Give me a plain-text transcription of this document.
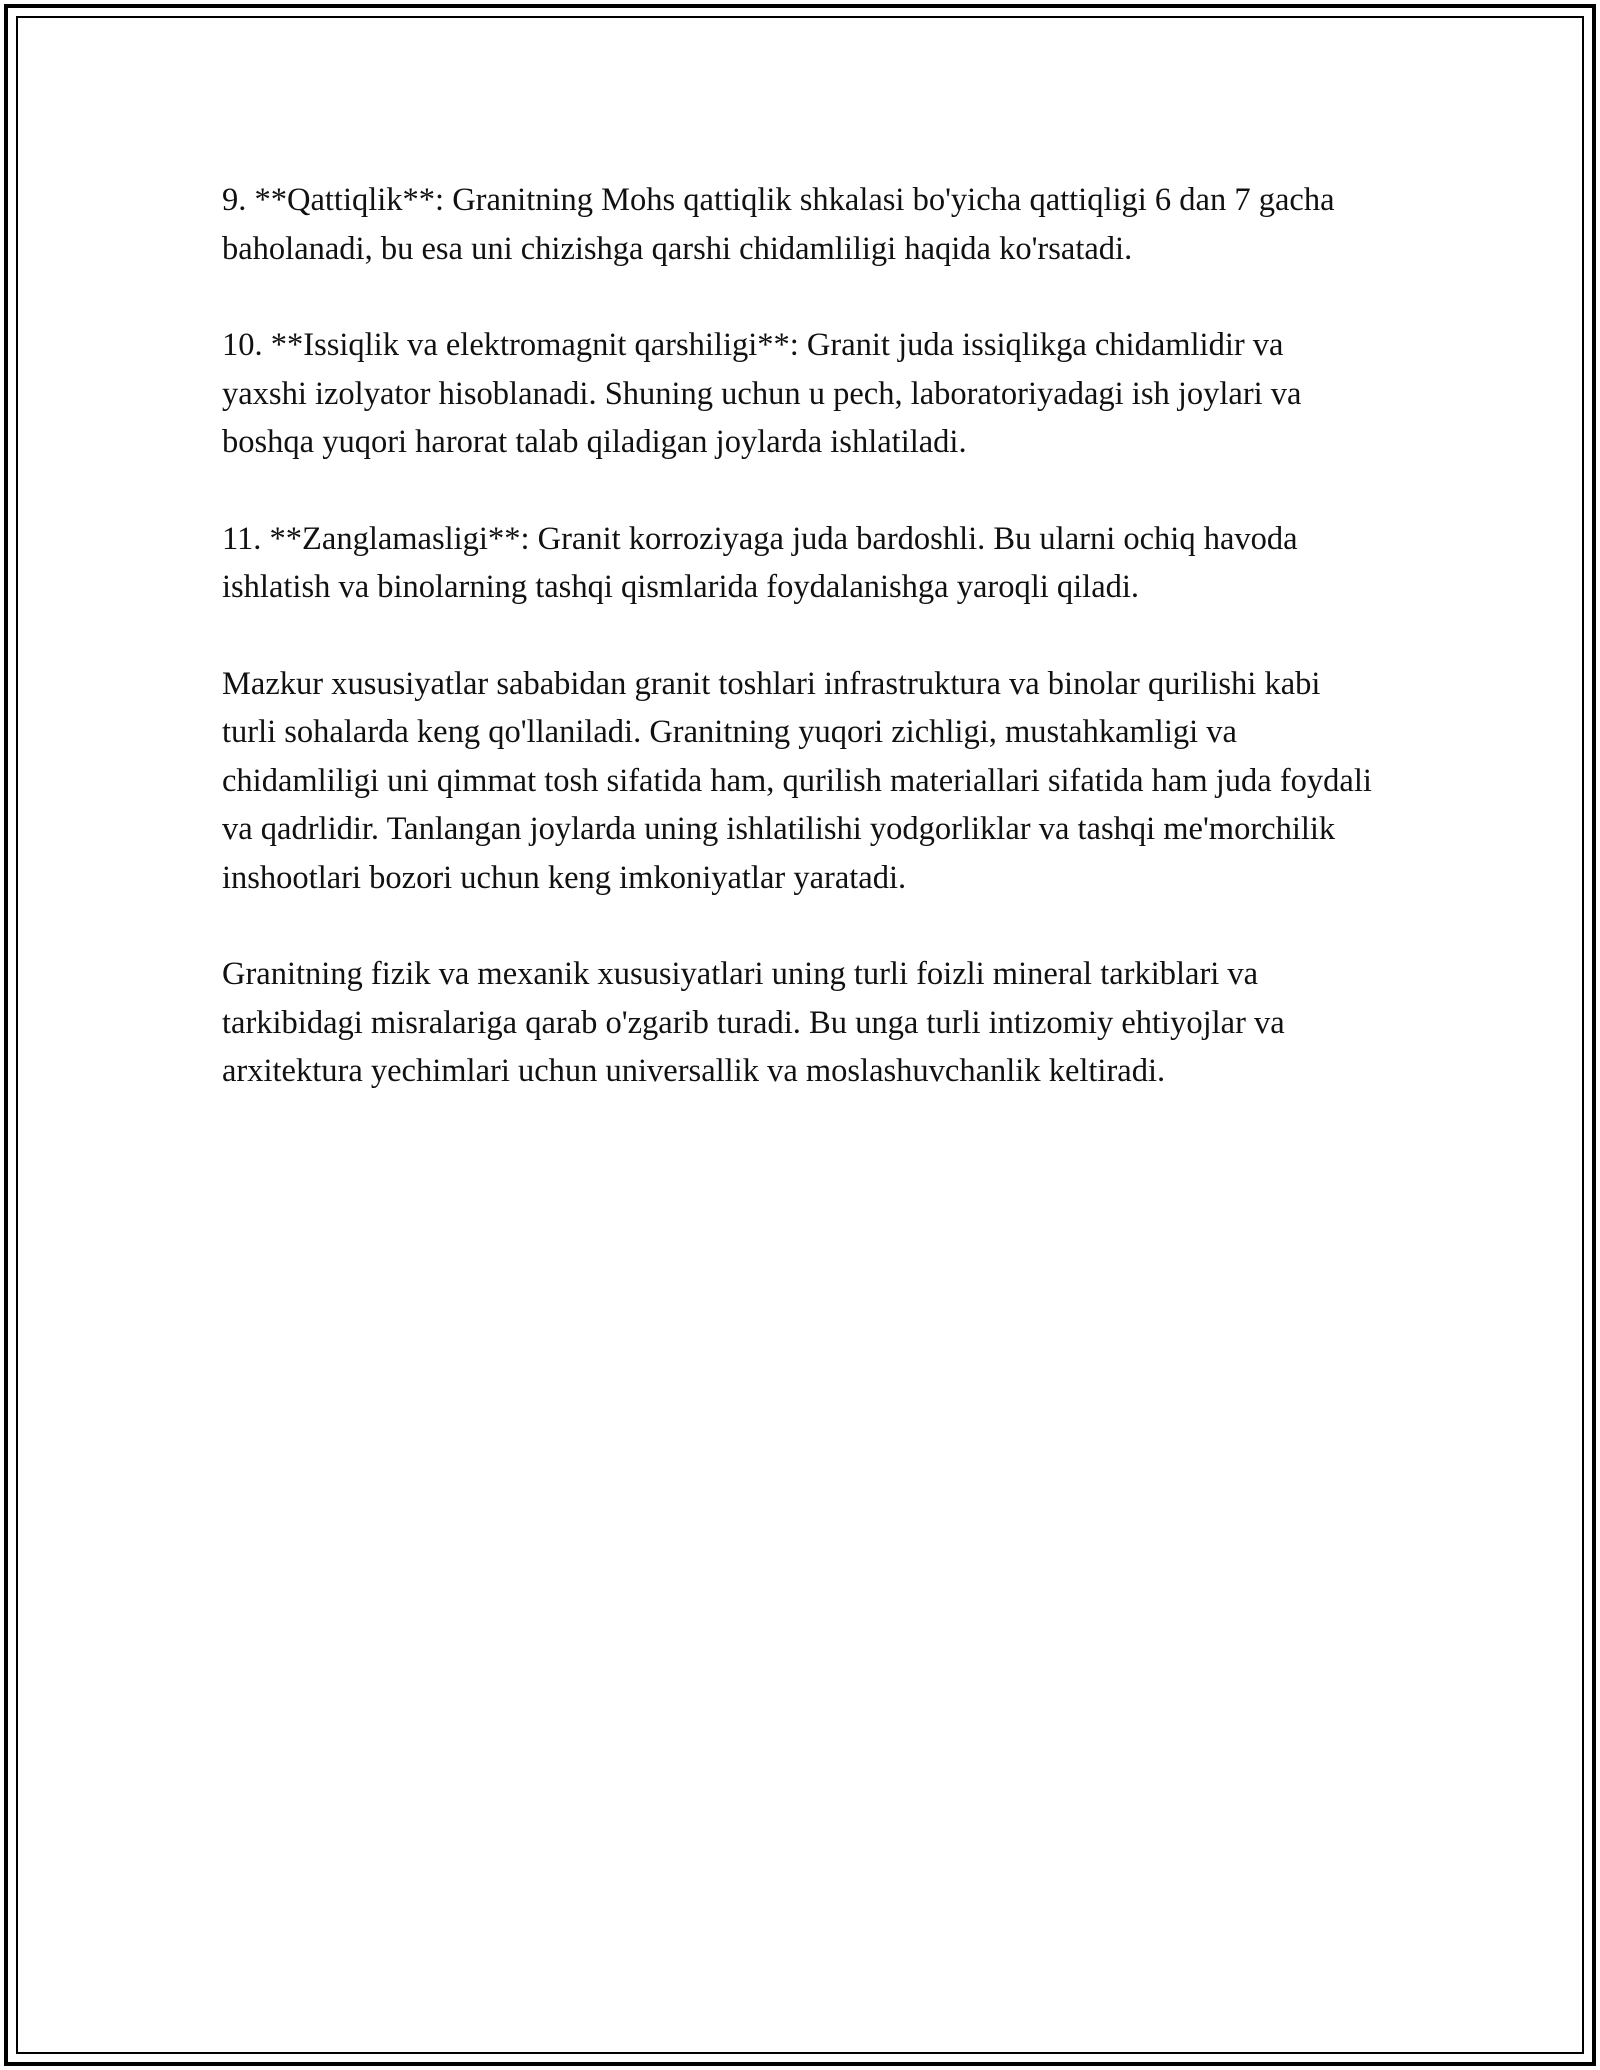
9. **Qattiqlik**: Granitning Mohs qattiqlik shkalasi bo'yicha qattiqligi 6 dan 7 gacha baholanadi, bu esa uni chizishga qarshi chidamliligi haqida ko'rsatadi.

10. **Issiqlik va elektromagnit qarshiligi**: Granit juda issiqlikga chidamlidir va yaxshi izolyator hisoblanadi. Shuning uchun u pech, laboratoriyadagi ish joylari va boshqa yuqori harorat talab qiladigan joylarda ishlatiladi.

11. **Zanglamasligi**: Granit korroziyaga juda bardoshli. Bu ularni ochiq havoda ishlatish va binolarning tashqi qismlarida foydalanishga yaroqli qiladi.

Mazkur xususiyatlar sababidan granit toshlari infrastruktura va binolar qurilishi kabi turli sohalarda keng qo'llaniladi. Granitning yuqori zichligi, mustahkamligi va chidamliligi uni qimmat tosh sifatida ham, qurilish materiallari sifatida ham juda foydali va qadrlidir. Tanlangan joylarda uning ishlatilishi yodgorliklar va tashqi me'morchilik inshootlari bozori uchun keng imkoniyatlar yaratadi.

Granitning fizik va mexanik xususiyatlari uning turli foizli mineral tarkiblari va tarkibidagi misralariga qarab o'zgarib turadi. Bu unga turli intizomiy ehtiyojlar va arxitektura yechimlari uchun universallik va moslashuvchanlik keltiradi.
